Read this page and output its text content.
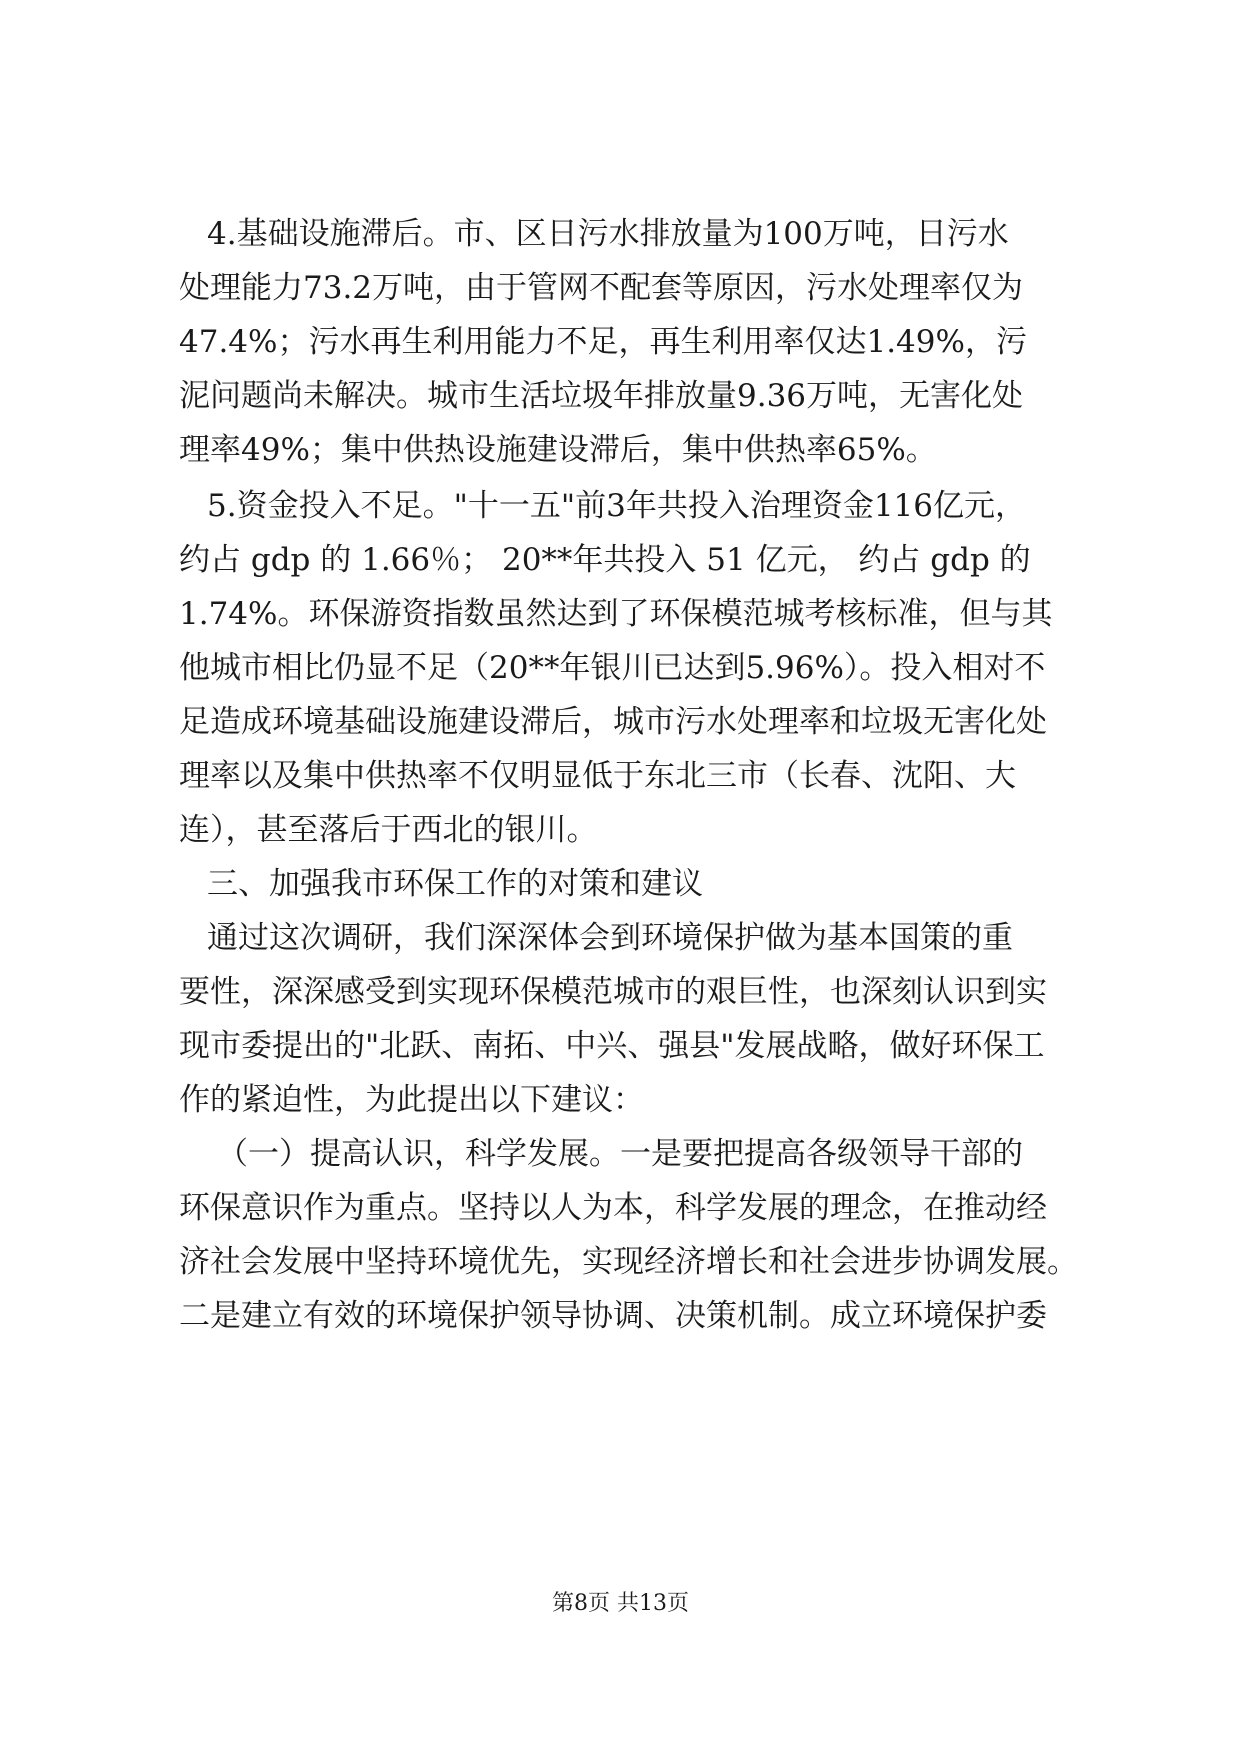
4.基础设施滞后。市、区日污水排放量为100万吨，日污水
处理能力73.2万吨，由于管网不配套等原因，污水处理率仅为
47.4%；污水再生利用能力不足，再生利用率仅达1.49%，污
泥问题尚未解决。城市生活垃圾年排放量9.36万吨，无害化处
理率49%；集中供热设施建设滞后，集中供热率65%。
5.资金投入不足。"十一五"前3年共投入治理资金116亿元，
约占 gdp 的 1.66％； 20**年共投入 51 亿元， 约占 gdp 的
1.74%。环保游资指数虽然达到了环保模范城考核标准，但与其
他城市相比仍显不足（20**年银川已达到5.96%）。投入相对不
足造成环境基础设施建设滞后，城市污水处理率和垃圾无害化处
理率以及集中供热率不仅明显低于东北三市（长春、沈阳、大
连），甚至落后于西北的银川。
三、加强我市环保工作的对策和建议
通过这次调研，我们深深体会到环境保护做为基本国策的重
要性，深深感受到实现环保模范城市的艰巨性，也深刻认识到实
现市委提出的"北跃、南拓、中兴、强县"发展战略，做好环保工
作的紧迫性，为此提出以下建议：
（一）提高认识，科学发展。一是要把提高各级领导干部的
环保意识作为重点。坚持以人为本，科学发展的理念，在推动经
济社会发展中坚持环境优先，实现经济增长和社会进步协调发展。
二是建立有效的环境保护领导协调、决策机制。成立环境保护委
第8页 共13页
